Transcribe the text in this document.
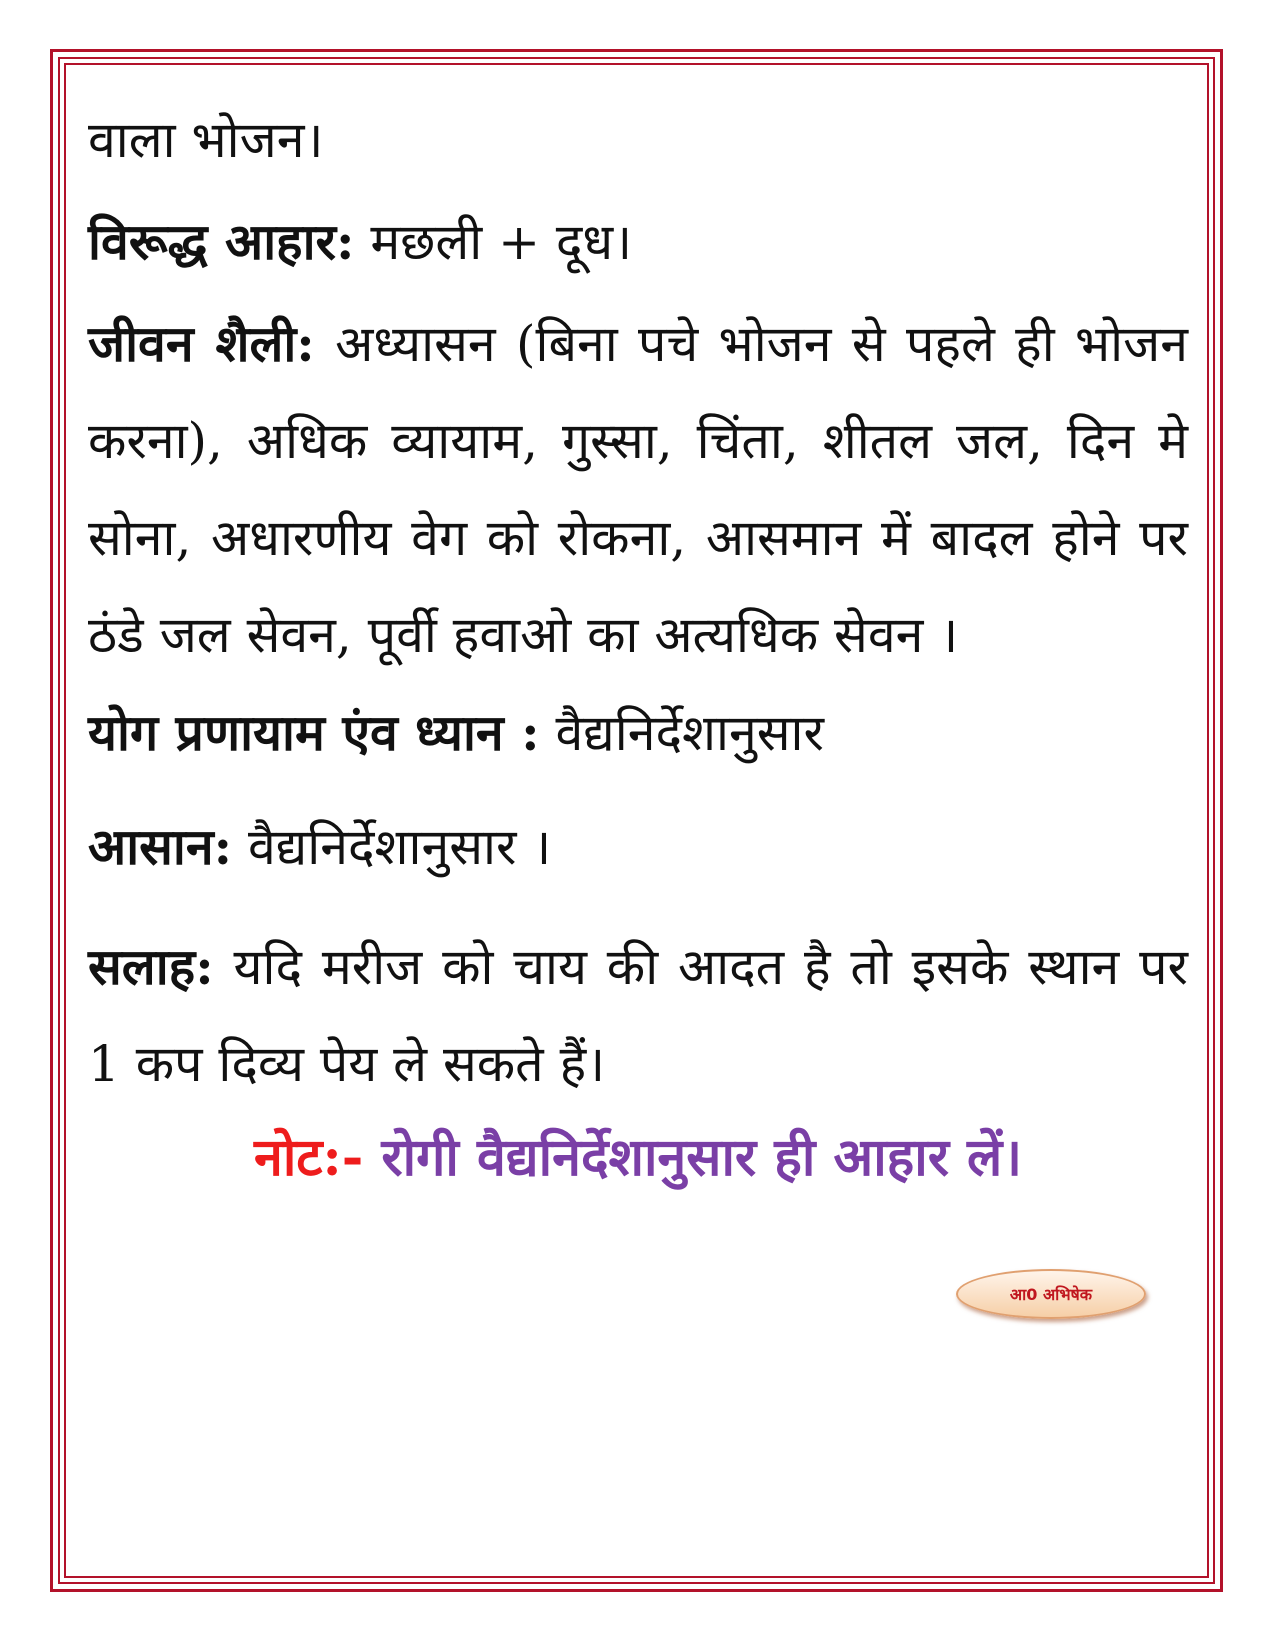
वाला भोजन।

विरूद्ध आहार: मछली + दूध।

जीवन शैली: अध्यासन (बिना पचे भोजन से पहले ही भोजन करना), अधिक व्यायाम, गुस्सा, चिंता, शीतल जल, दिन मे सोना, अधारणीय वेग को रोकना, आसमान में बादल होने पर ठंडे जल सेवन, पूर्वी हवाओ का अत्यधिक सेवन ।

योग प्रणायाम एंव ध्यान : वैद्यनिर्देशानुसार

आसान: वैद्यनिर्देशानुसार ।

सलाह: यदि मरीज को चाय की आदत है तो इसके स्थान पर 1 कप दिव्य पेय ले सकते हैं।

नोट:- रोगी वैद्यनिर्देशानुसार ही आहार लें।

आ0 अभिषेक
